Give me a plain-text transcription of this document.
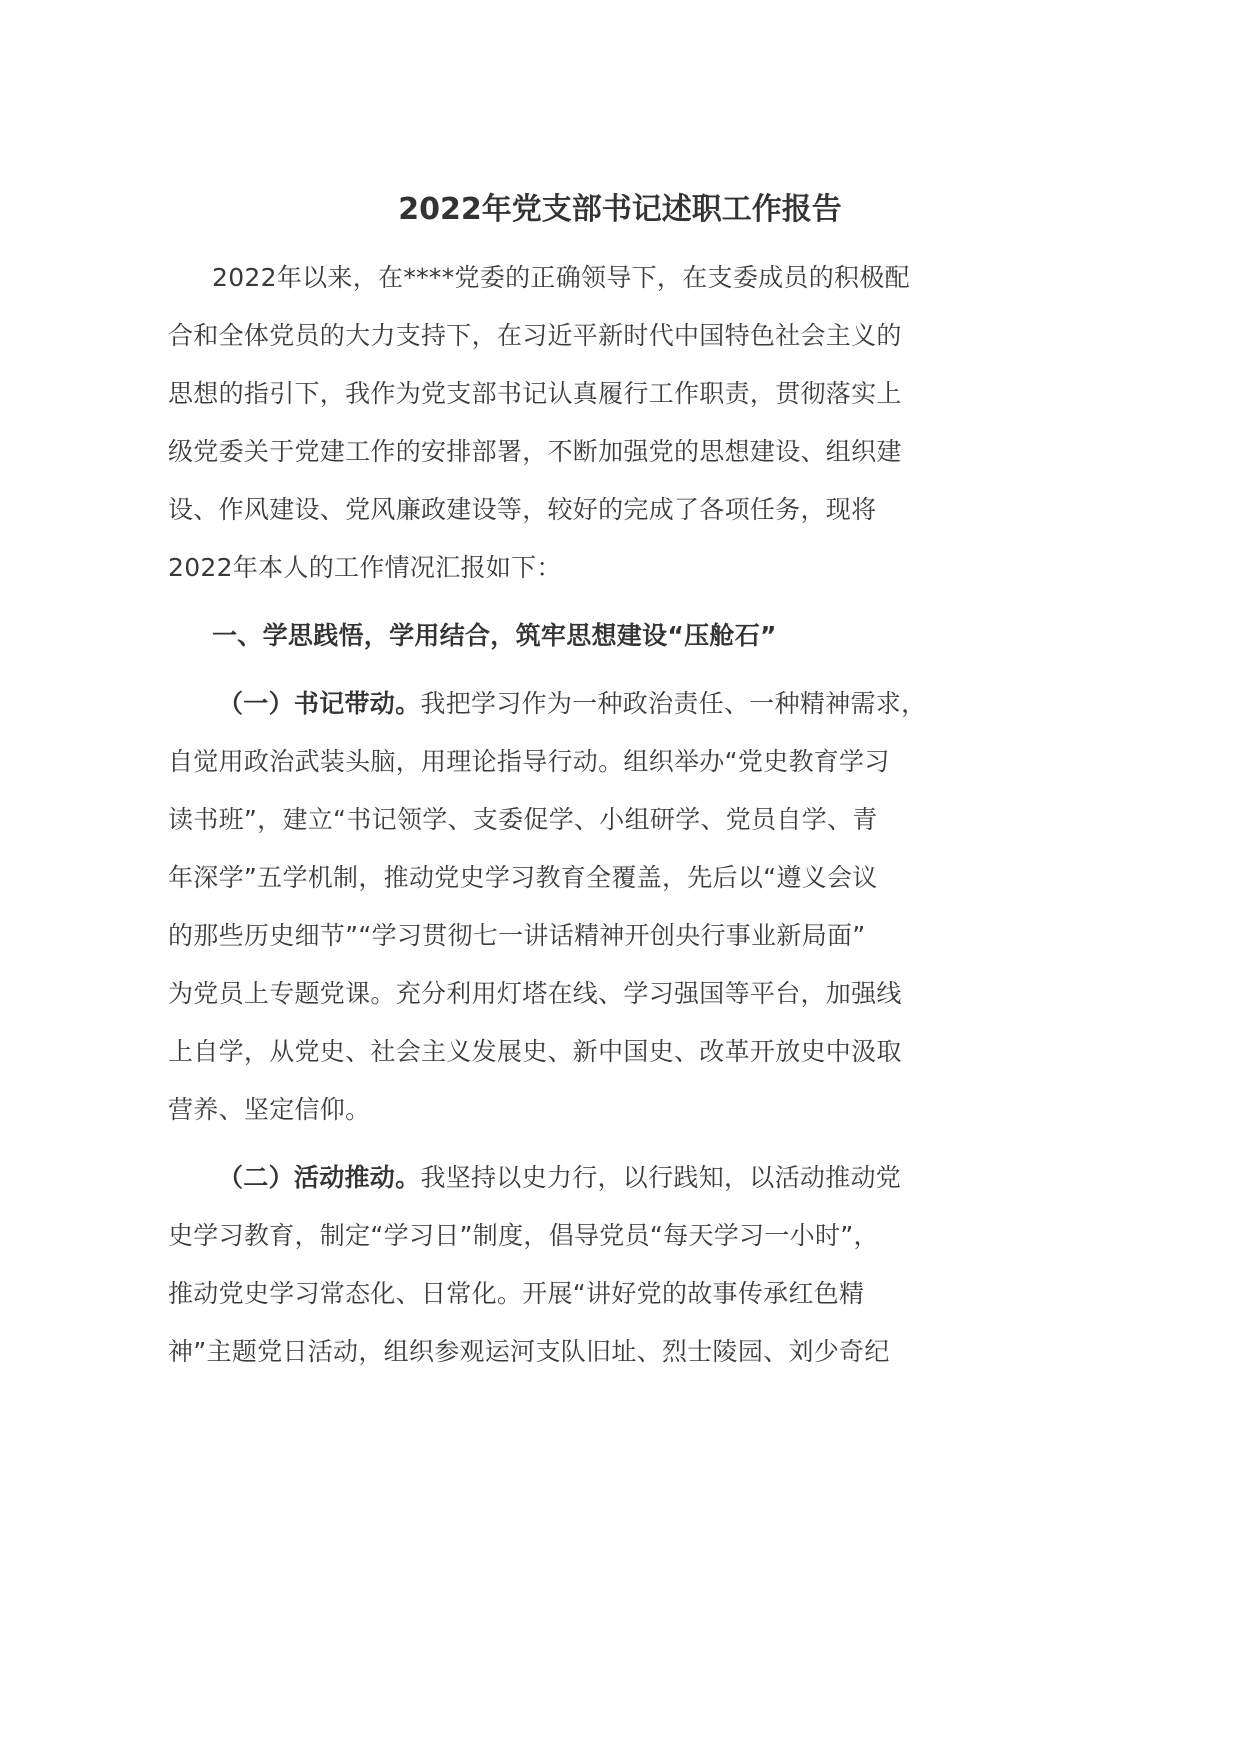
2022年党支部书记述职工作报告
2022年以来，在****党委的正确领导下，在支委成员的积极配
合和全体党员的大力支持下，在习近平新时代中国特色社会主义的
思想的指引下，我作为党支部书记认真履行工作职责，贯彻落实上
级党委关于党建工作的安排部署，不断加强党的思想建设、组织建
设、作风建设、党风廉政建设等，较好的完成了各项任务，现将
2022年本人的工作情况汇报如下：
一、学思践悟，学用结合，筑牢思想建设“压舱石”
（一）书记带动。我把学习作为一种政治责任、一种精神需求，
自觉用政治武装头脑，用理论指导行动。组织举办“党史教育学习
读书班”，建立“书记领学、支委促学、小组研学、党员自学、青
年深学”五学机制，推动党史学习教育全覆盖，先后以“遵义会议
的那些历史细节”“学习贯彻七一讲话精神开创央行事业新局面”
为党员上专题党课。充分利用灯塔在线、学习强国等平台，加强线
上自学，从党史、社会主义发展史、新中国史、改革开放史中汲取
营养、坚定信仰。
（二）活动推动。我坚持以史力行，以行践知，以活动推动党
史学习教育，制定“学习日”制度，倡导党员“每天学习一小时”，
推动党史学习常态化、日常化。开展“讲好党的故事传承红色精
神”主题党日活动，组织参观运河支队旧址、烈士陵园、刘少奇纪
